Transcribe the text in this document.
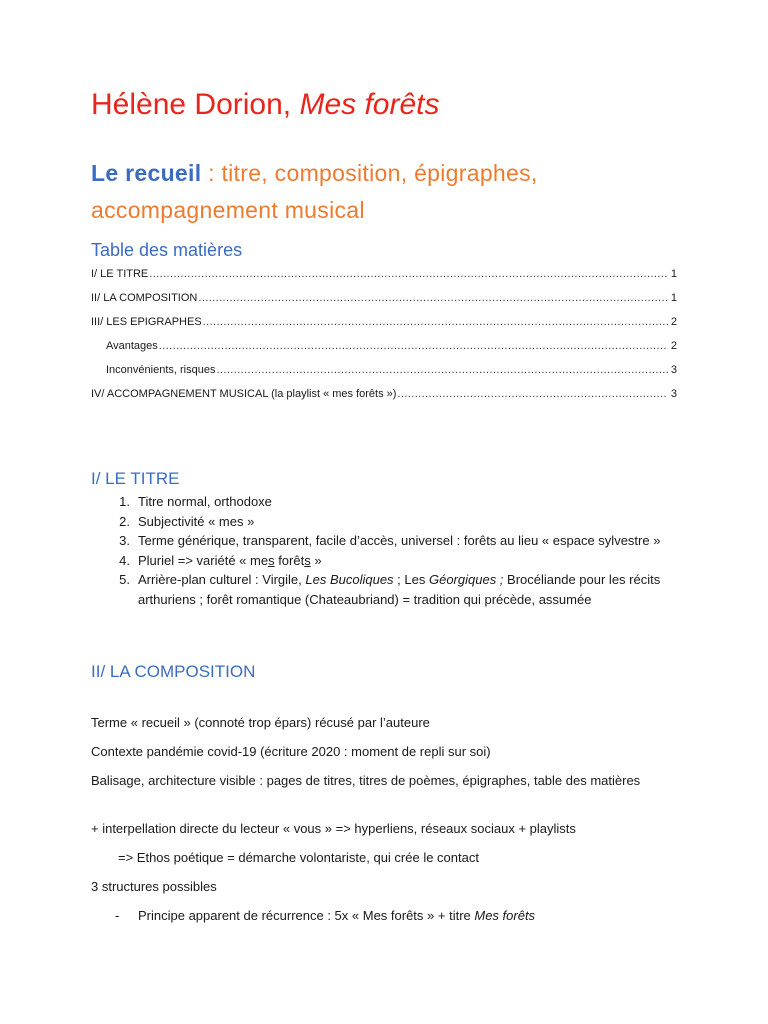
Hélène Dorion, Mes forêts
Le recueil : titre, composition, épigraphes, accompagnement musical
Table des matières
I/ LE TITRE .....	1
II/ LA COMPOSITION .....	1
III/ LES EPIGRAPHES .....	2
Avantages .....	2
Inconvénients, risques .....	3
IV/ ACCOMPAGNEMENT MUSICAL (la playlist « mes forêts ») .....	3
I/ LE TITRE
1. Titre normal, orthodoxe
2. Subjectivité « mes »
3. Terme générique, transparent, facile d’accès, universel : forêts au lieu « espace sylvestre »
4. Pluriel => variété « mes forêts »
5. Arrière-plan culturel : Virgile, Les Bucoliques ; Les Géorgiques ; Brocéliande pour les récits arthuriens ; forêt romantique (Chateaubriand) = tradition qui précède, assumée
II/ LA COMPOSITION
Terme « recueil » (connoté trop épars) récusé par l’auteure
Contexte pandémie covid-19 (écriture 2020 : moment de repli sur soi)
Balisage, architecture visible : pages de titres, titres de poèmes, épigraphes, table des matières
+ interpellation directe du lecteur « vous » => hyperliens, réseaux sociaux + playlists
=> Ethos poétique = démarche volontariste, qui crée le contact
3 structures possibles
-	Principe apparent de récurrence : 5x « Mes forêts » + titre Mes forêts
